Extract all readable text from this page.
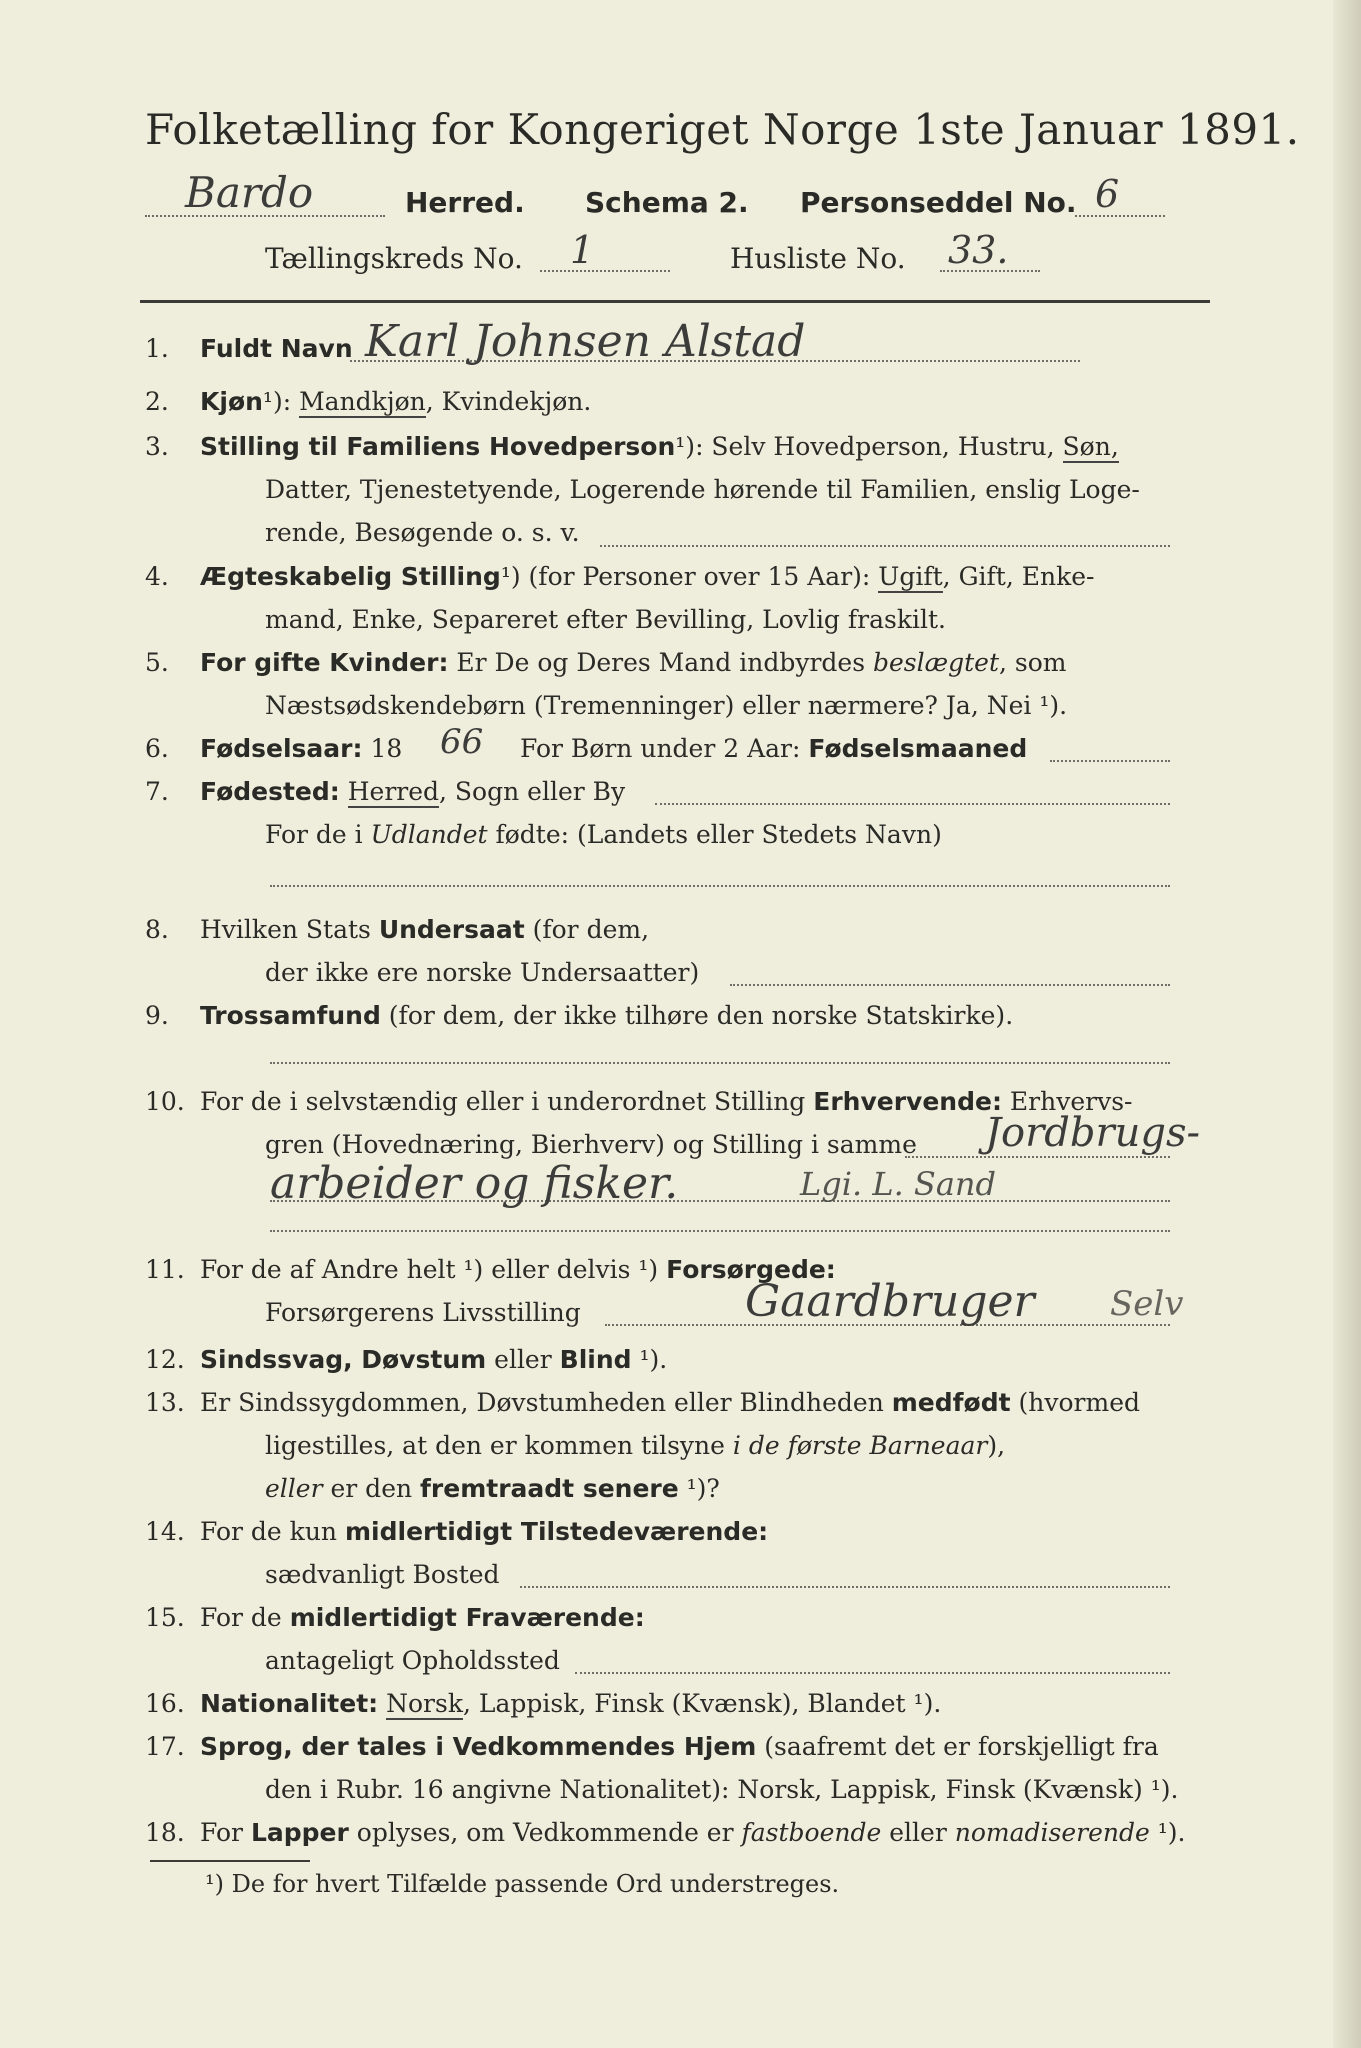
Folketælling for Kongeriget Norge 1ste Januar 1891.
Bardo	Herred. Schema 2. Personseddel No. 6
Tællingskreds No. 1	Husliste No. 33.
1. Fuldt Navn Karl Johnsen Alstad
2. Kjøn¹): Mandkjøn, Kvindekjøn.
3. Stilling til Familiens Hovedperson¹): Selv Hovedperson, Hustru, Søn,
Datter, Tjenestetyende, Logerende hørende til Familien, enslig Loge-
rende, Besøgende o. s. v.
4. Ægteskabelig Stilling¹) (for Personer over 15 Aar): Ugift, Gift, Enke-
mand, Enke, Separeret efter Bevilling, Lovlig fraskilt.
5. For gifte Kvinder: Er De og Deres Mand indbyrdes beslægtet, som
Næstsødskendebørn (Tremenninger) eller nærmere? Ja, Nei ¹).
6. Fødselsaar: 18 66 For Børn under 2 Aar: Fødselsmaaned
7. Fødested: Herred, Sogn eller By
For de i Udlandet fødte: (Landets eller Stedets Navn)
8. Hvilken Stats Undersaat (for dem,
der ikke ere norske Undersaatter)
9. Trossamfund (for dem, der ikke tilhøre den norske Statskirke).
10. For de i selvstændig eller i underordnet Stilling Erhvervende: Erhvervs-
gren (Hovednæring, Bierhverv) og Stilling i samme Jordbrugs-
arbeider og fisker.	Lgi. L. Sand
11. For de af Andre helt ¹) eller delvis ¹) Forsørgede:
Forsørgerens Livsstilling	Gaardbruger Selv
12. Sindssvag, Døvstum eller Blind ¹).
13. Er Sindssygdommen, Døvstumheden eller Blindheden medfødt (hvormed
ligestilles, at den er kommen tilsyne i de første Barneaar),
eller er den fremtraadt senere ¹)?
14. For de kun midlertidigt Tilstedeværende:
sædvanligt Bosted
15. For de midlertidigt Fraværende:
antageligt Opholdssted
16. Nationalitet: Norsk, Lappisk, Finsk (Kvænsk), Blandet ¹).
17. Sprog, der tales i Vedkommendes Hjem (saafremt det er forskjelligt fra
den i Rubr. 16 angivne Nationalitet): Norsk, Lappisk, Finsk (Kvænsk) ¹).
18. For Lapper oplyses, om Vedkommende er fastboende eller nomadiserende ¹).
¹) De for hvert Tilfælde passende Ord understreges.
